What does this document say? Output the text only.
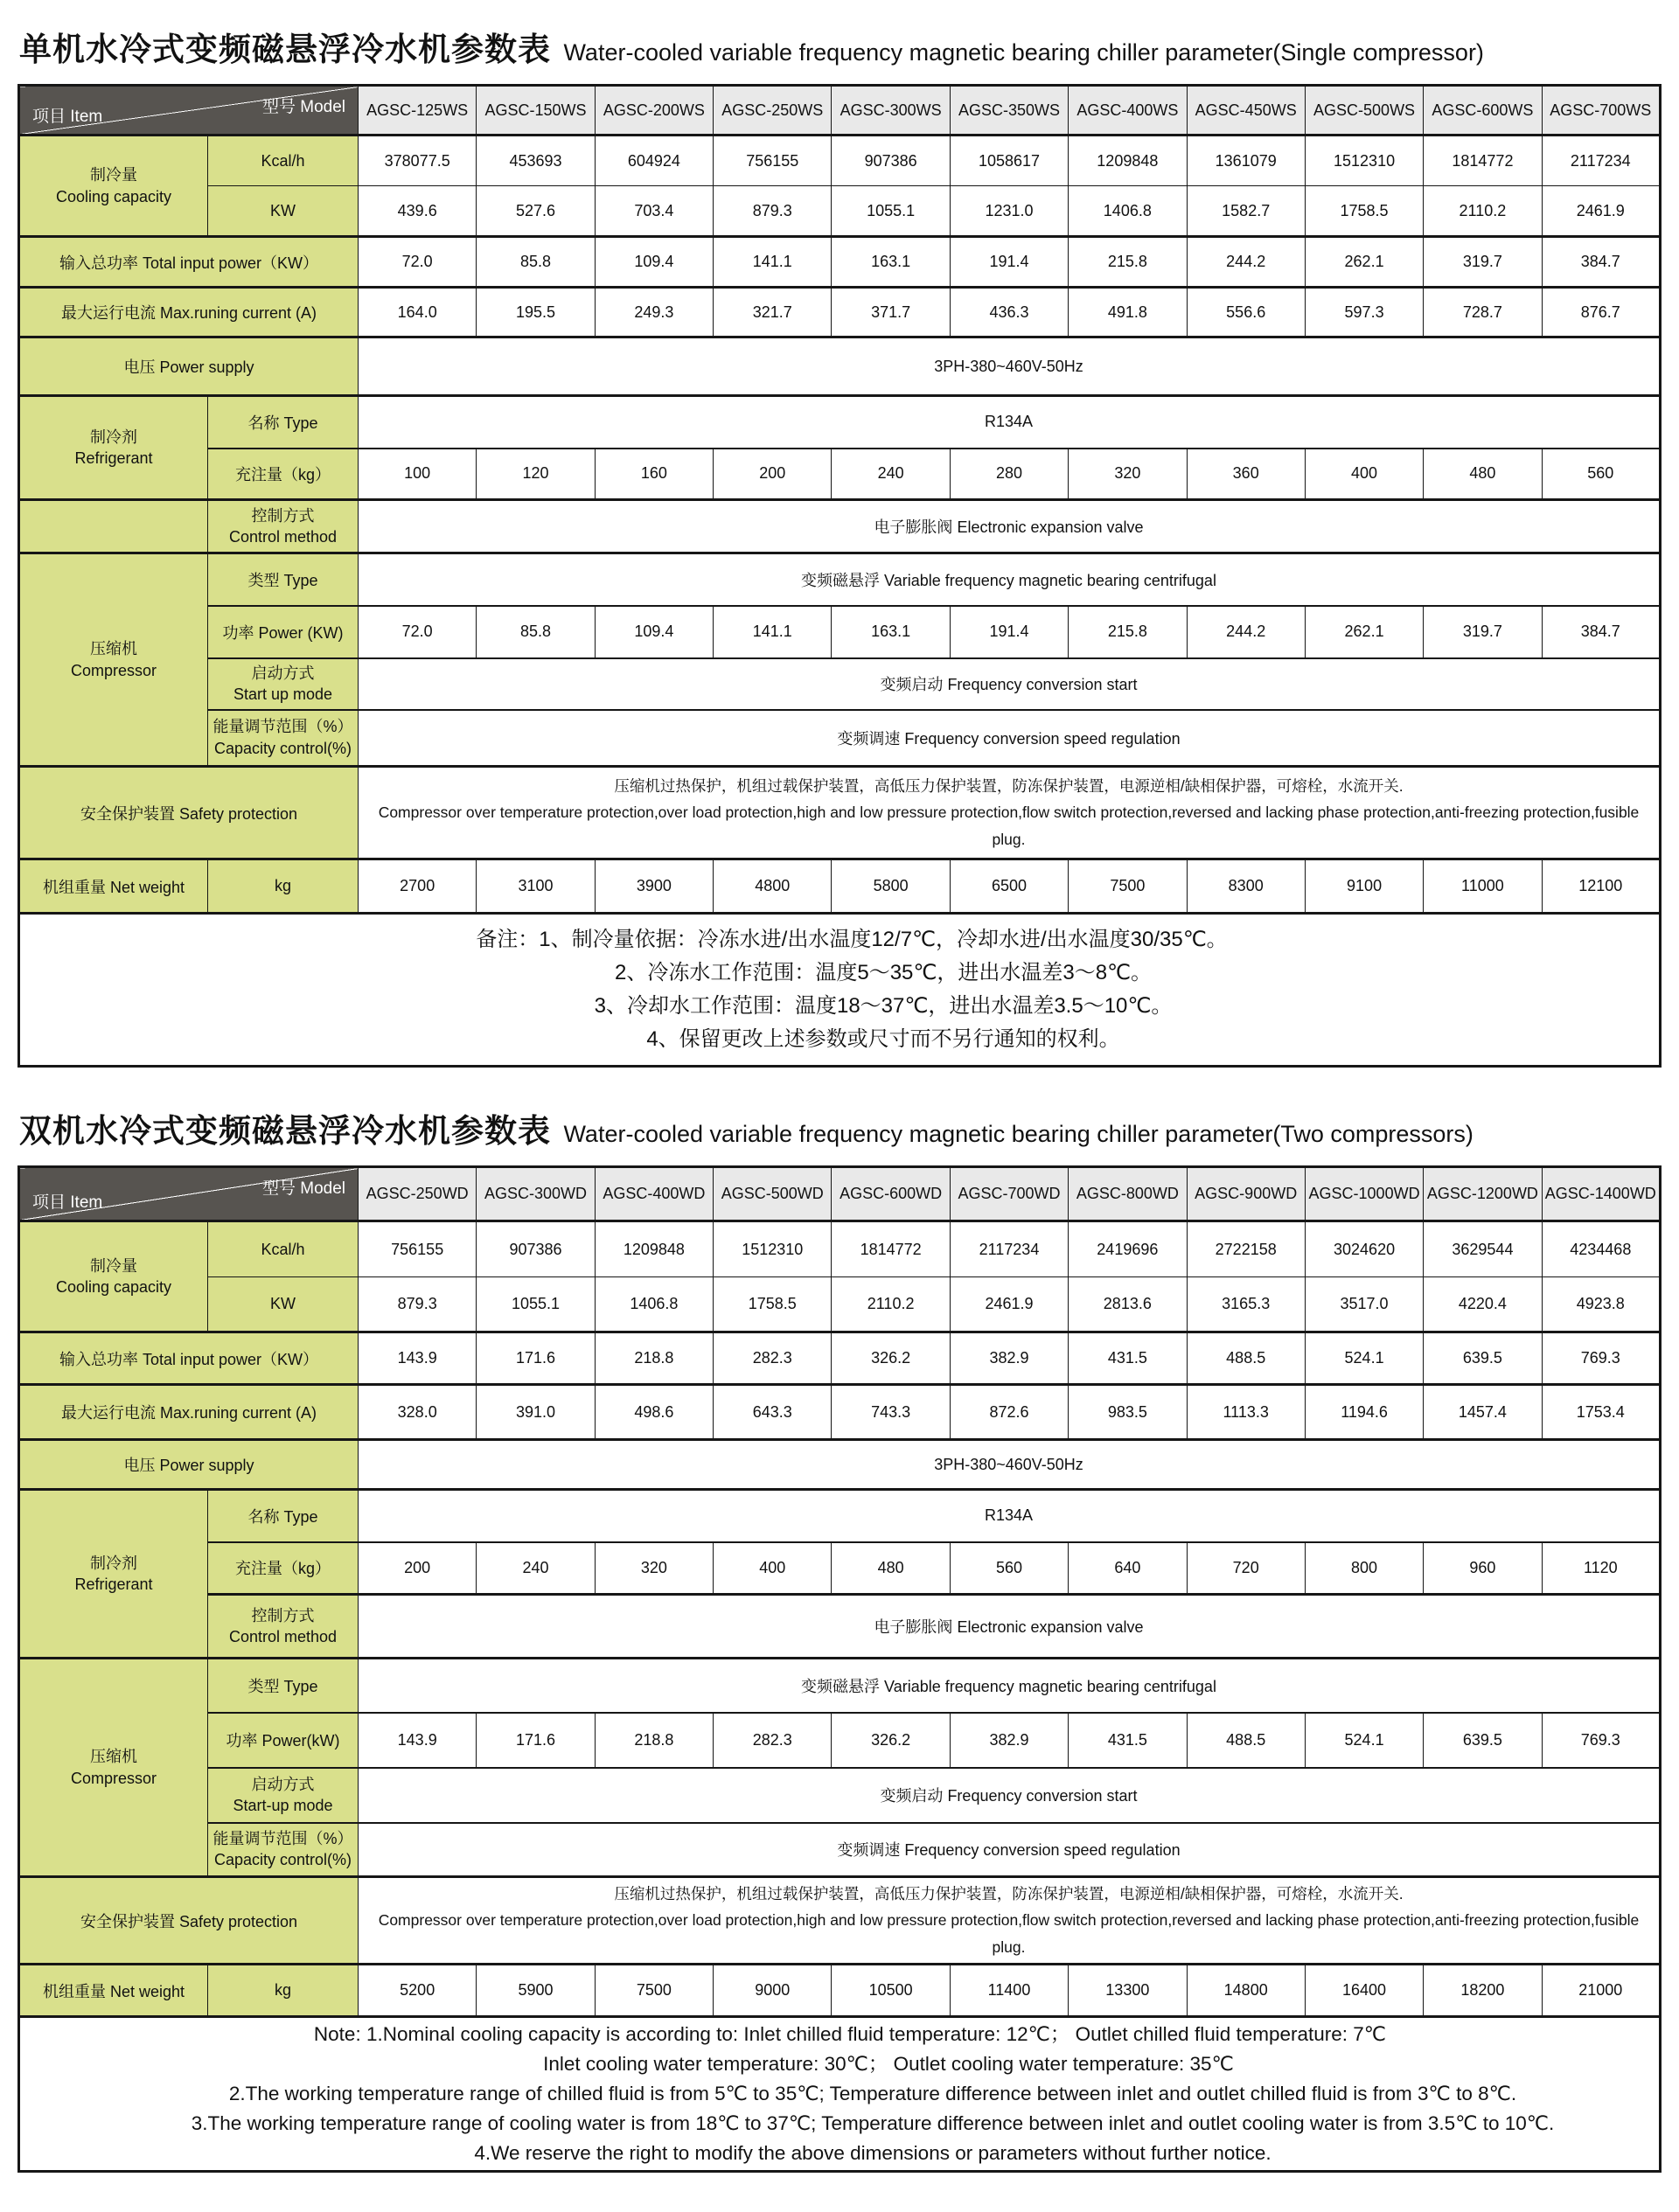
单机水冷式变频磁悬浮冷水机参数表 Water-cooled variable frequency magnetic bearing chiller parameter(Single compressor)
型号 Model
项目 Item		AGSC-125WS	AGSC-150WS	AGSC-200WS	AGSC-250WS	AGSC-300WS	AGSC-350WS	AGSC-400WS	AGSC-450WS	AGSC-500WS	AGSC-600WS	AGSC-700WS

制冷量
Cooling capacity	Kcal/h	378077.5	453693	604924	756155	907386	1058617	1209848	1361079	1512310	1814772	2117234
	KW	439.6	527.6	703.4	879.3	1055.1	1231.0	1406.8	1582.7	1758.5	2110.2	2461.9
输入总功率 Total input power（KW）		72.0	85.8	109.4	141.1	163.1	191.4	215.8	244.2	262.1	319.7	384.7
最大运行电流 Max.runing current (A)		164.0	195.5	249.3	321.7	371.7	436.3	491.8	556.6	597.3	728.7	876.7
电压 Power supply		3PH-380~460V-50Hz										

制冷剂
Refrigerant	名称 Type	R134A										
	充注量（kg）	100	120	160	200	240	280	320	360	400	480	560

	控制方式
Control method	电子膨胀阀 Electronic expansion valve										

压缩机
Compressor	类型 Type	变频磁悬浮 Variable frequency magnetic bearing centrifugal										
	功率 Power (KW)	72.0	85.8	109.4	141.1	163.1	191.4	215.8	244.2	262.1	319.7	384.7

	启动方式
Start up mode	变频启动 Frequency conversion start										

	能量调节范围（%）
Capacity control(%)	变频调速 Frequency conversion speed regulation										
安全保护装置 Safety protection		压缩机过热保护，机组过载保护装置，高低压力保护装置，防冻保护装置，电源逆相/缺相保护器，可熔栓，水流开关.
Compressor over temperature protection,over load protection,high and low pressure protection,flow switch protection,reversed and lacking phase protection,anti-freezing protection,fusible plug.										

机组重量 Net weight	kg	2700	3100	3900	4800	5800	6500	7500	8300	9100	11000	12100

备注：1、制冷量依据：冷冻水进/出水温度12/7℃，冷却水进/出水温度30/35℃。
2、冷冻水工作范围：温度5～35℃，进出水温差3～8℃。
3、冷却水工作范围：温度18～37℃，进出水温差3.5～10℃。
4、保留更改上述参数或尺寸而不另行通知的权利。												
双机水冷式变频磁悬浮冷水机参数表 Water-cooled variable frequency magnetic bearing chiller parameter(Two compressors)
型号 Model
项目 Item		AGSC-250WD	AGSC-300WD	AGSC-400WD	AGSC-500WD	AGSC-600WD	AGSC-700WD	AGSC-800WD	AGSC-900WD	AGSC-1000WD	AGSC-1200WD	AGSC-1400WD

制冷量
Cooling capacity	Kcal/h	756155	907386	1209848	1512310	1814772	2117234	2419696	2722158	3024620	3629544	4234468
	KW	879.3	1055.1	1406.8	1758.5	2110.2	2461.9	2813.6	3165.3	3517.0	4220.4	4923.8
输入总功率 Total input power（KW）		143.9	171.6	218.8	282.3	326.2	382.9	431.5	488.5	524.1	639.5	769.3
最大运行电流 Max.runing current (A)		328.0	391.0	498.6	643.3	743.3	872.6	983.5	1113.3	1194.6	1457.4	1753.4
电压 Power supply		3PH-380~460V-50Hz										

制冷剂
Refrigerant	名称 Type	R134A										
	充注量（kg）	200	240	320	400	480	560	640	720	800	960	1120

	控制方式
Control method	电子膨胀阀 Electronic expansion valve										

压缩机
Compressor	类型 Type	变频磁悬浮 Variable frequency magnetic bearing centrifugal										
	功率 Power(kW)	143.9	171.6	218.8	282.3	326.2	382.9	431.5	488.5	524.1	639.5	769.3

	启动方式
Start-up mode	变频启动 Frequency conversion start										

	能量调节范围（%）
Capacity control(%)	变频调速 Frequency conversion speed regulation										
安全保护装置 Safety protection		压缩机过热保护，机组过载保护装置，高低压力保护装置，防冻保护装置，电源逆相/缺相保护器，可熔栓，水流开关.
Compressor over temperature protection,over load protection,high and low pressure protection,flow switch protection,reversed and lacking phase protection,anti-freezing protection,fusible plug.										

机组重量 Net weight	kg	5200	5900	7500	9000	10500	11400	13300	14800	16400	18200	21000

Note: 1.Nominal cooling capacity is according to: Inlet chilled fluid temperature: 12℃； Outlet chilled fluid temperature: 7℃
Inlet cooling water temperature: 30℃； Outlet cooling water temperature: 35℃
2.The working temperature range of chilled fluid is from 5℃ to 35℃; Temperature difference between inlet and outlet chilled fluid is from 3℃ to 8℃.
3.The working temperature range of cooling water is from 18℃ to 37℃; Temperature difference between inlet and outlet cooling water is from 3.5℃ to 10℃.
4.We reserve the right to modify the above dimensions or parameters without further notice.												
